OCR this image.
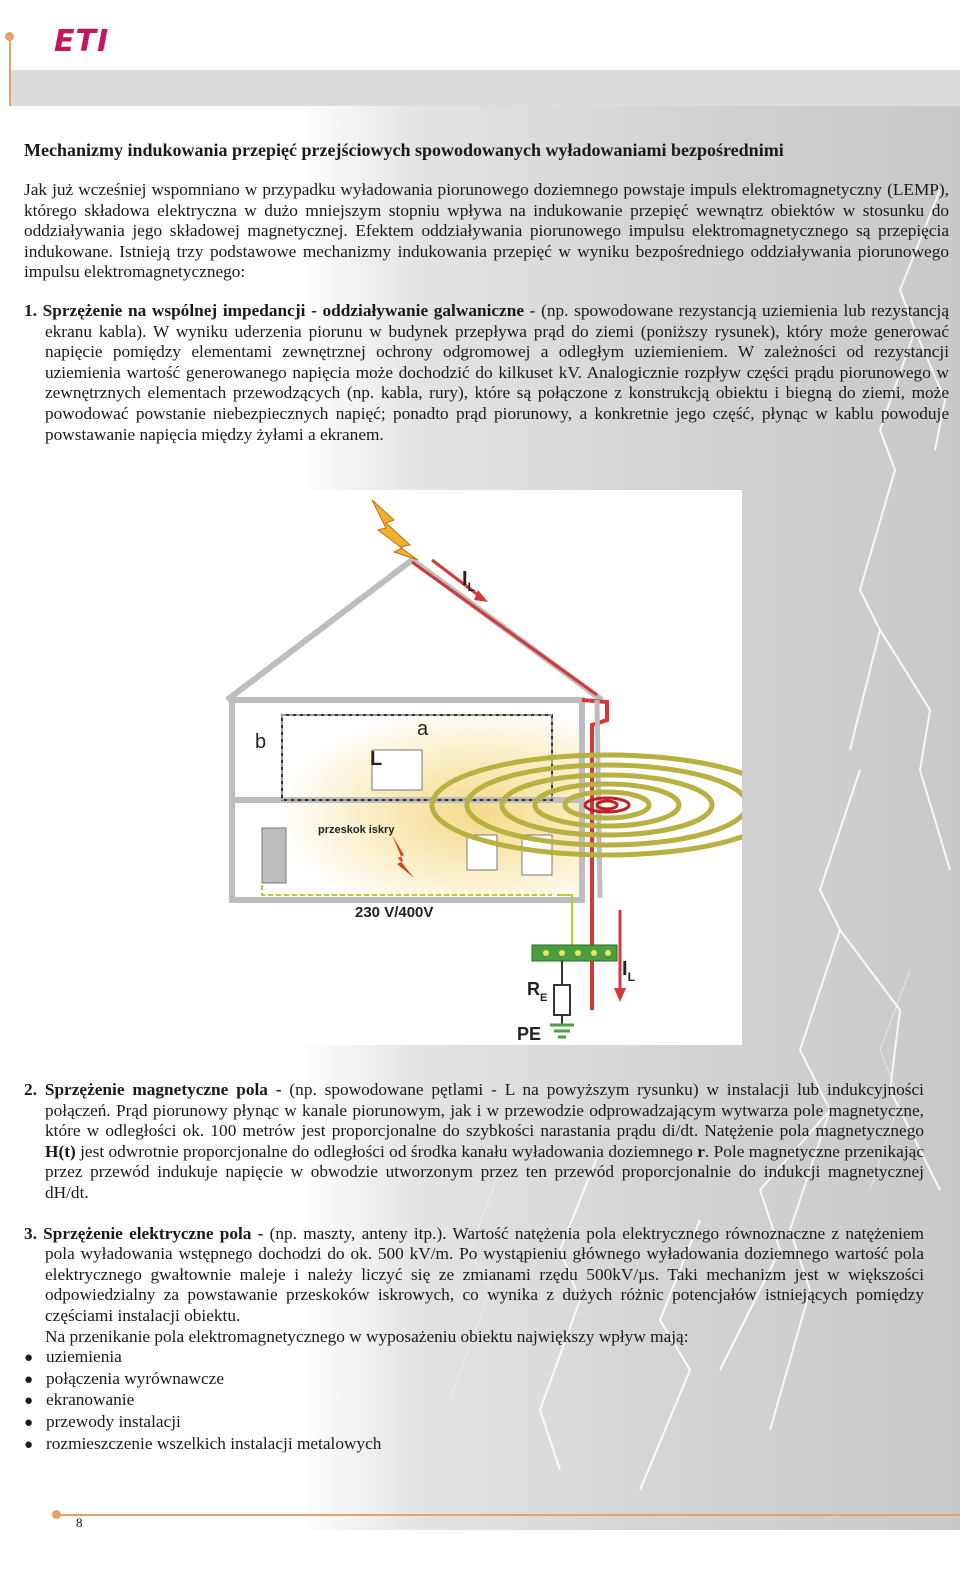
ETI
Mechanizmy indukowania przepięć przejściowych spowodowanych wyładowaniami bezpośrednimi

Jak już wcześniej wspomniano w przypadku wyładowania piorunowego doziemnego powstaje impuls elektromagnetyczny (LEMP), którego składowa elektryczna w dużo mniejszym stopniu wpływa na indukowanie przepięć wewnątrz obiektów w stosunku do oddziaływania jego składowej magnetycznej. Efektem oddziaływania piorunowego impulsu elektromagnetycznego są przepięcia indukowane. Istnieją trzy podstawowe mechanizmy indukowania przepięć w wyniku bezpośredniego oddziaływania piorunowego impulsu elektromagnetycznego:

1. Sprzężenie na wspólnej impedancji - oddziaływanie galwaniczne - (np. spowodowane rezystancją uziemienia lub rezystancją ekranu kabla). W wyniku uderzenia piorunu w budynek przepływa prąd do ziemi (poniższy rysunek), który może generować napięcie pomiędzy elementami zewnętrznej ochrony odgromowej a odległym uziemieniem. W zależności od rezystancji uziemienia wartość generowanego napięcia może dochodzić do kilkuset kV. Analogicznie rozpływ części prądu piorunowego w zewnętrznych elementach przewodzących (np. kabla, rury), które są połączone z konstrukcją obiektu i biegną do ziemi, może powodować powstanie niebezpiecznych napięć; ponadto prąd piorunowy, a konkretnie jego część, płynąc w kablu powoduje powstawanie napięcia między żyłami a ekranem.

$I_L$
a
b
L
przeskok iskry
230 V/400V
$I_L$
$R_E$
PE

2. Sprzężenie magnetyczne pola - (np. spowodowane pętlami - L na powyższym rysunku) w instalacji lub indukcyjności połączeń. Prąd piorunowy płynąc w kanale piorunowym, jak i w przewodzie odprowadzającym wytwarza pole magnetyczne, które w odległości ok. 100 metrów jest proporcjonalne do szybkości narastania prądu di/dt. Natężenie pola magnetycznego H(t) jest odwrotnie proporcjonalne do odległości od środka kanału wyładowania doziemnego r. Pole magnetyczne przenikając przez przewód indukuje napięcie w obwodzie utworzonym przez ten przewód proporcjonalnie do indukcji magnetycznej dH/dt.

3. Sprzężenie elektryczne pola - (np. maszty, anteny itp.). Wartość natężenia pola elektrycznego równoznaczne z natężeniem pola wyładowania wstępnego dochodzi do ok. 500 kV/m. Po wystąpieniu głównego wyładowania doziemnego wartość pola elektrycznego gwałtownie maleje i należy liczyć się ze zmianami rzędu 500kV/µs. Taki mechanizm jest w większości odpowiedzialny za powstawanie przeskoków iskrowych, co wynika z dużych różnic potencjałów istniejących pomiędzy częściami instalacji obiektu.

Na przenikanie pola elektromagnetycznego w wyposażeniu obiektu największy wpływ mają:

● uziemienia
● połączenia wyrównawcze
● ekranowanie
● przewody instalacji
● rozmieszczenie wszelkich instalacji metalowych
8
